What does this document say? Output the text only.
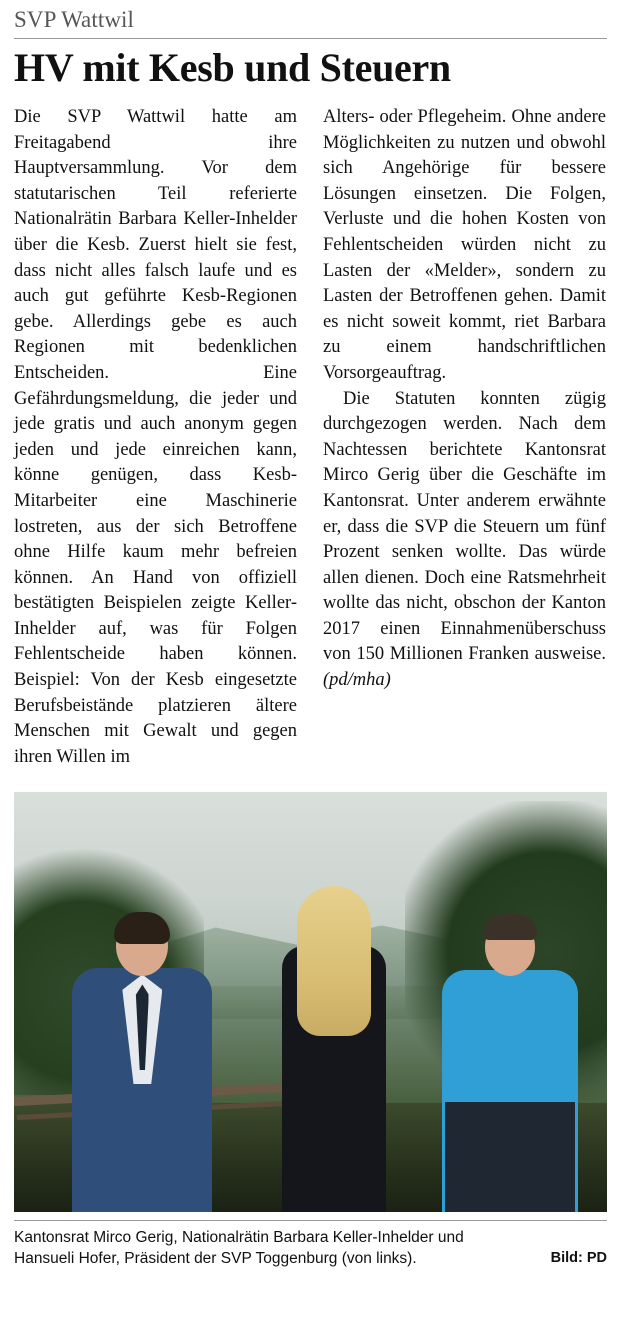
SVP Wattwil
HV mit Kesb und Steuern

Die SVP Wattwil hatte am Freitagabend ihre Hauptversammlung. Vor dem statutarischen Teil referierte Nationalrätin Barbara Keller-Inhelder über die Kesb. Zuerst hielt sie fest, dass nicht alles falsch laufe und es auch gut geführte Kesb-Regionen gebe. Allerdings gebe es auch Regionen mit bedenklichen Entscheiden. Eine Gefährdungsmeldung, die jeder und jede gratis und auch anonym gegen jeden und jede einreichen kann, könne genügen, dass Kesb-Mitarbeiter eine Maschinerie lostreten, aus der sich Betroffene ohne Hilfe kaum mehr befreien können. An Hand von offiziell bestätigten Beispielen zeigte Keller-Inhelder auf, was für Folgen Fehlentscheide haben können. Beispiel: Von der Kesb eingesetzte Berufsbeistände platzieren ältere Menschen mit Gewalt und gegen ihren Willen im

Alters- oder Pflegeheim. Ohne andere Möglichkeiten zu nutzen und obwohl sich Angehörige für bessere Lösungen einsetzen. Die Folgen, Verluste und die hohen Kosten von Fehlentscheiden würden nicht zu Lasten der «Melder», sondern zu Lasten der Betroffenen gehen. Damit es nicht soweit kommt, riet Barbara zu einem handschriftlichen Vorsorgeauftrag.

Die Statuten konnten zügig durchgezogen werden. Nach dem Nachtessen berichtete Kantonsrat Mirco Gerig über die Geschäfte im Kantonsrat. Unter anderem erwähnte er, dass die SVP die Steuern um fünf Prozent senken wollte. Das würde allen dienen. Doch eine Ratsmehrheit wollte das nicht, obschon der Kanton 2017 einen Einnahmenüberschuss von 150 Millionen Franken ausweise. (pd/mha)

Kantonsrat Mirco Gerig, Nationalrätin Barbara Keller-Inhelder und Hansueli Hofer, Präsident der SVP Toggenburg (von links).	Bild: PD
